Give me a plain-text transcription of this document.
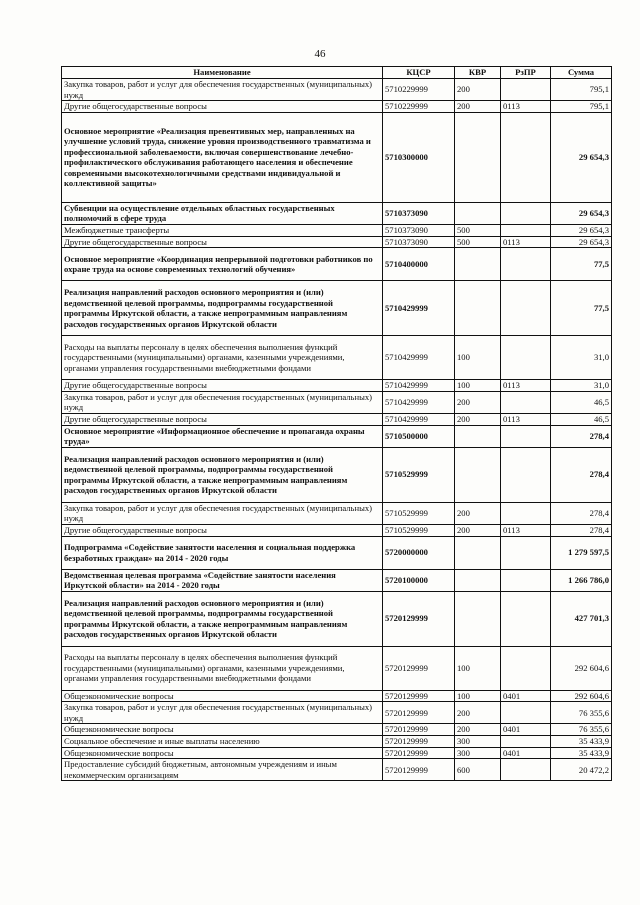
46
Наименование	КЦСР	КВР	РзПР	Сумма
Закупка товаров, работ и услуг для обеспечения государственных (муниципальных) нужд	5710229999	200		795,1
Другие общегосударственные вопросы	5710229999	200	0113	795,1
Основное мероприятие «Реализация превентивных мер, направленных на улучшение условий труда, снижение уровня производственного травматизма и профессиональной заболеваемости, включая совершенствование лечебно-профилактического обслуживания работающего населения и обеспечение современными высокотехнологичными средствами индивидуальной и коллективной защиты»	5710300000			29 654,3
Субвенции на осуществление отдельных областных государственных полномочий в сфере труда	5710373090			29 654,3
Межбюджетные трансферты	5710373090	500		29 654,3
Другие общегосударственные вопросы	5710373090	500	0113	29 654,3
Основное мероприятие «Координация непрерывной подготовки работников по охране труда на основе современных технологий обучения»	5710400000			77,5
Реализация направлений расходов основного мероприятия и (или) ведомственной целевой программы, подпрограммы государственной программы Иркутской области, а также непрограммным направлениям расходов государственных органов Иркутской области	5710429999			77,5
Расходы на выплаты персоналу в целях обеспечения выполнения функций государственными (муниципальными) органами, казенными учреждениями, органами управления государственными внебюджетными фондами	5710429999	100		31,0
Другие общегосударственные вопросы	5710429999	100	0113	31,0
Закупка товаров, работ и услуг для обеспечения государственных (муниципальных) нужд	5710429999	200		46,5
Другие общегосударственные вопросы	5710429999	200	0113	46,5
Основное мероприятие «Информационное обеспечение и пропаганда охраны труда»	5710500000			278,4
Реализация направлений расходов основного мероприятия и (или) ведомственной целевой программы, подпрограммы государственной программы Иркутской области, а также непрограммным направлениям расходов государственных органов Иркутской области	5710529999			278,4
Закупка товаров, работ и услуг для обеспечения государственных (муниципальных) нужд	5710529999	200		278,4
Другие общегосударственные вопросы	5710529999	200	0113	278,4
Подпрограмма «Содействие занятости населения и социальная поддержка безработных граждан» на 2014 - 2020 годы	5720000000			1 279 597,5
Ведомственная целевая программа «Содействие занятости населения Иркутской области» на 2014 - 2020 годы	5720100000			1 266 786,0
Реализация направлений расходов основного мероприятия и (или) ведомственной целевой программы, подпрограммы государственной программы Иркутской области, а также непрограммным направлениям расходов государственных органов Иркутской области	5720129999			427 701,3
Расходы на выплаты персоналу в целях обеспечения выполнения функций государственными (муниципальными) органами, казенными учреждениями, органами управления государственными внебюджетными фондами	5720129999	100		292 604,6
Общеэкономические вопросы	5720129999	100	0401	292 604,6
Закупка товаров, работ и услуг для обеспечения государственных (муниципальных) нужд	5720129999	200		76 355,6
Общеэкономические вопросы	5720129999	200	0401	76 355,6
Социальное обеспечение и иные выплаты населению	5720129999	300		35 433,9
Общеэкономические вопросы	5720129999	300	0401	35 433,9
Предоставление субсидий бюджетным, автономным учреждениям и иным некоммерческим организациям	5720129999	600		20 472,2
